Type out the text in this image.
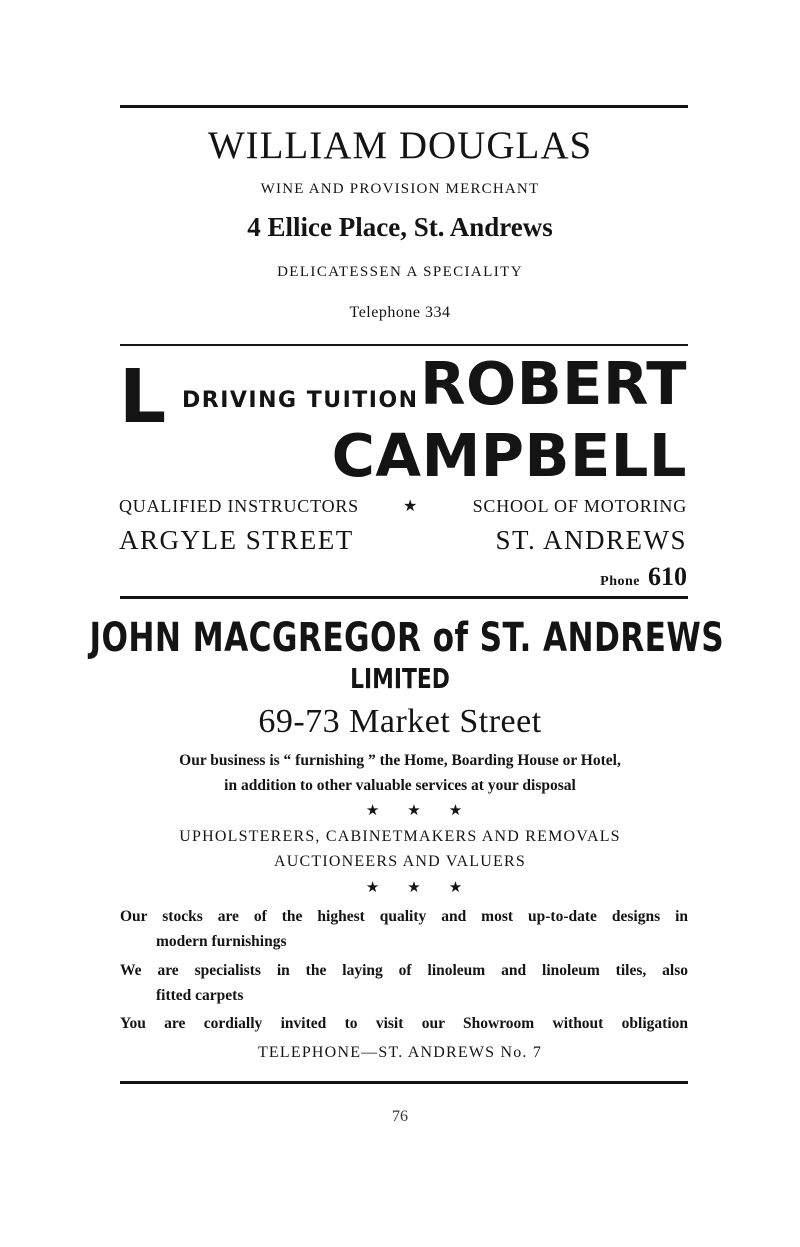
WILLIAM DOUGLAS
WINE AND PROVISION MERCHANT
4 Ellice Place, St. Andrews
DELICATESSEN A SPECIALITY
Telephone 334
L DRIVING TUITION ROBERT
CAMPBELL
QUALIFIED INSTRUCTORS	★	SCHOOL OF MOTORING
ARGYLE STREET	ST. ANDREWS
Phone 610
JOHN MACGREGOR of ST. ANDREWS
LIMITED
69-73 Market Street
Our business is “ furnishing ” the Home, Boarding House or Hotel,
in addition to other valuable services at your disposal
★★★
UPHOLSTERERS, CABINETMAKERS AND REMOVALS
AUCTIONEERS AND VALUERS
★★★
Our stocks are of the highest quality and most up-to-date designs in
modern furnishings
We are specialists in the laying of linoleum and linoleum tiles, also
fitted carpets
You are cordially invited to visit our Showroom without obligation
TELEPHONE—ST. ANDREWS No. 7
76
